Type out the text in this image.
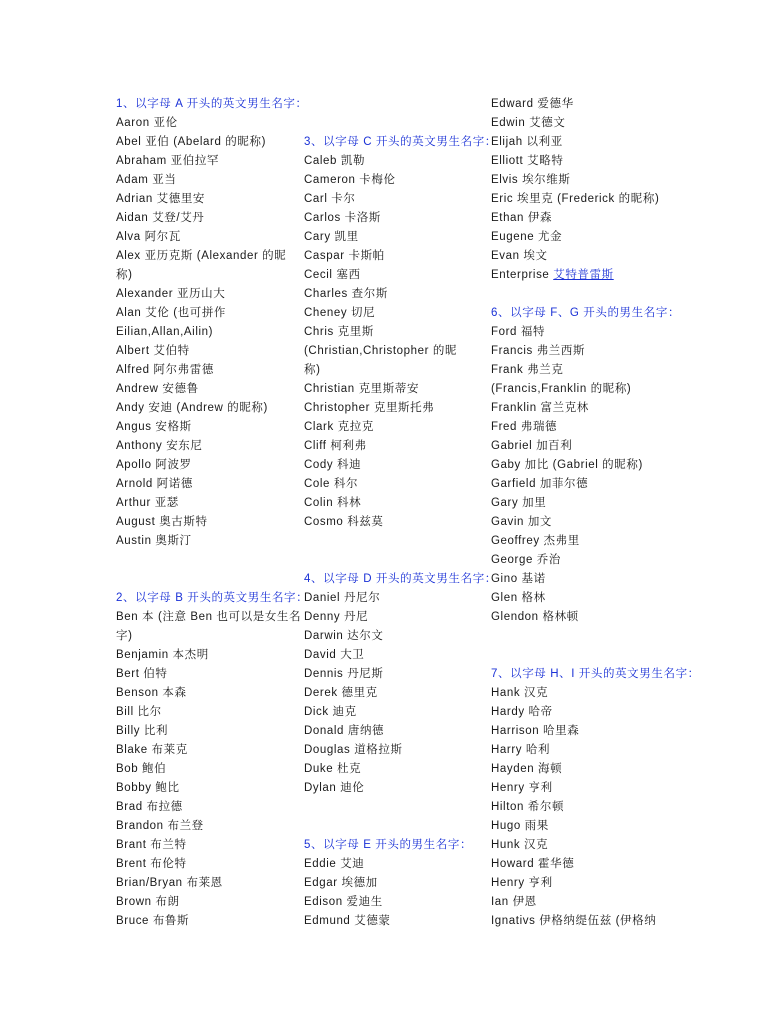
1、以字母 A 开头的英文男生名字：
Aaron 亚伦
Abel 亚伯 (Abelard 的昵称)
Abraham 亚伯拉罕
Adam 亚当
Adrian 艾德里安
Aidan 艾登/艾丹
Alva 阿尔瓦
Alex 亚历克斯 (Alexander 的昵
称)
Alexander 亚历山大
Alan 艾伦 (也可拼作
Eilian,Allan,Ailin)
Albert 艾伯特
Alfred 阿尔弗雷德
Andrew 安德鲁
Andy 安迪 (Andrew 的昵称)
Angus 安格斯
Anthony 安东尼
Apollo 阿波罗
Arnold 阿诺德
Arthur 亚瑟
August 奥古斯特
Austin 奥斯汀
2、以字母 B 开头的英文男生名字：
Ben 本 (注意 Ben 也可以是女生名
字)
Benjamin 本杰明
Bert 伯特
Benson 本森
Bill 比尔
Billy 比利
Blake 布莱克
Bob 鲍伯
Bobby 鲍比
Brad 布拉德
Brandon 布兰登
Brant 布兰特
Brent 布伦特
Brian/Bryan 布莱恩
Brown 布朗
Bruce 布鲁斯
3、以字母 C 开头的英文男生名字：
Caleb 凯勒
Cameron 卡梅伦
Carl 卡尔
Carlos 卡洛斯
Cary 凯里
Caspar 卡斯帕
Cecil 塞西
Charles 查尔斯
Cheney 切尼
Chris 克里斯
(Christian,Christopher 的昵
称)
Christian 克里斯蒂安
Christopher 克里斯托弗
Clark 克拉克
Cliff 柯利弗
Cody 科迪
Cole 科尔
Colin 科林
Cosmo 科兹莫
4、以字母 D 开头的英文男生名字：
Daniel 丹尼尔
Denny 丹尼
Darwin 达尔文
David 大卫
Dennis 丹尼斯
Derek 德里克
Dick 迪克
Donald 唐纳德
Douglas 道格拉斯
Duke 杜克
Dylan 迪伦
5、以字母 E 开头的男生名字：
Eddie 艾迪
Edgar 埃德加
Edison 爱迪生
Edmund 艾德蒙
Edward 爱德华
Edwin 艾德文
Elijah 以利亚
Elliott 艾略特
Elvis 埃尔维斯
Eric 埃里克 (Frederick 的昵称)
Ethan 伊森
Eugene 尤金
Evan 埃文
Enterprise 艾特普雷斯
6、以字母 F、G 开头的男生名字：
Ford 福特
Francis 弗兰西斯
Frank 弗兰克
(Francis,Franklin 的昵称)
Franklin 富兰克林
Fred 弗瑞德
Gabriel 加百利
Gaby 加比 (Gabriel 的昵称)
Garfield 加菲尔德
Gary 加里
Gavin 加文
Geoffrey 杰弗里
George 乔治
Gino 基诺
Glen 格林
Glendon 格林顿
7、以字母 H、I 开头的英文男生名字：
Hank 汉克
Hardy 哈帝
Harrison 哈里森
Harry 哈利
Hayden 海顿
Henry 亨利
Hilton 希尔顿
Hugo 雨果
Hunk 汉克
Howard 霍华德
Henry 亨利
Ian 伊恩
Ignativs 伊格纳缇伍兹 (伊格纳
